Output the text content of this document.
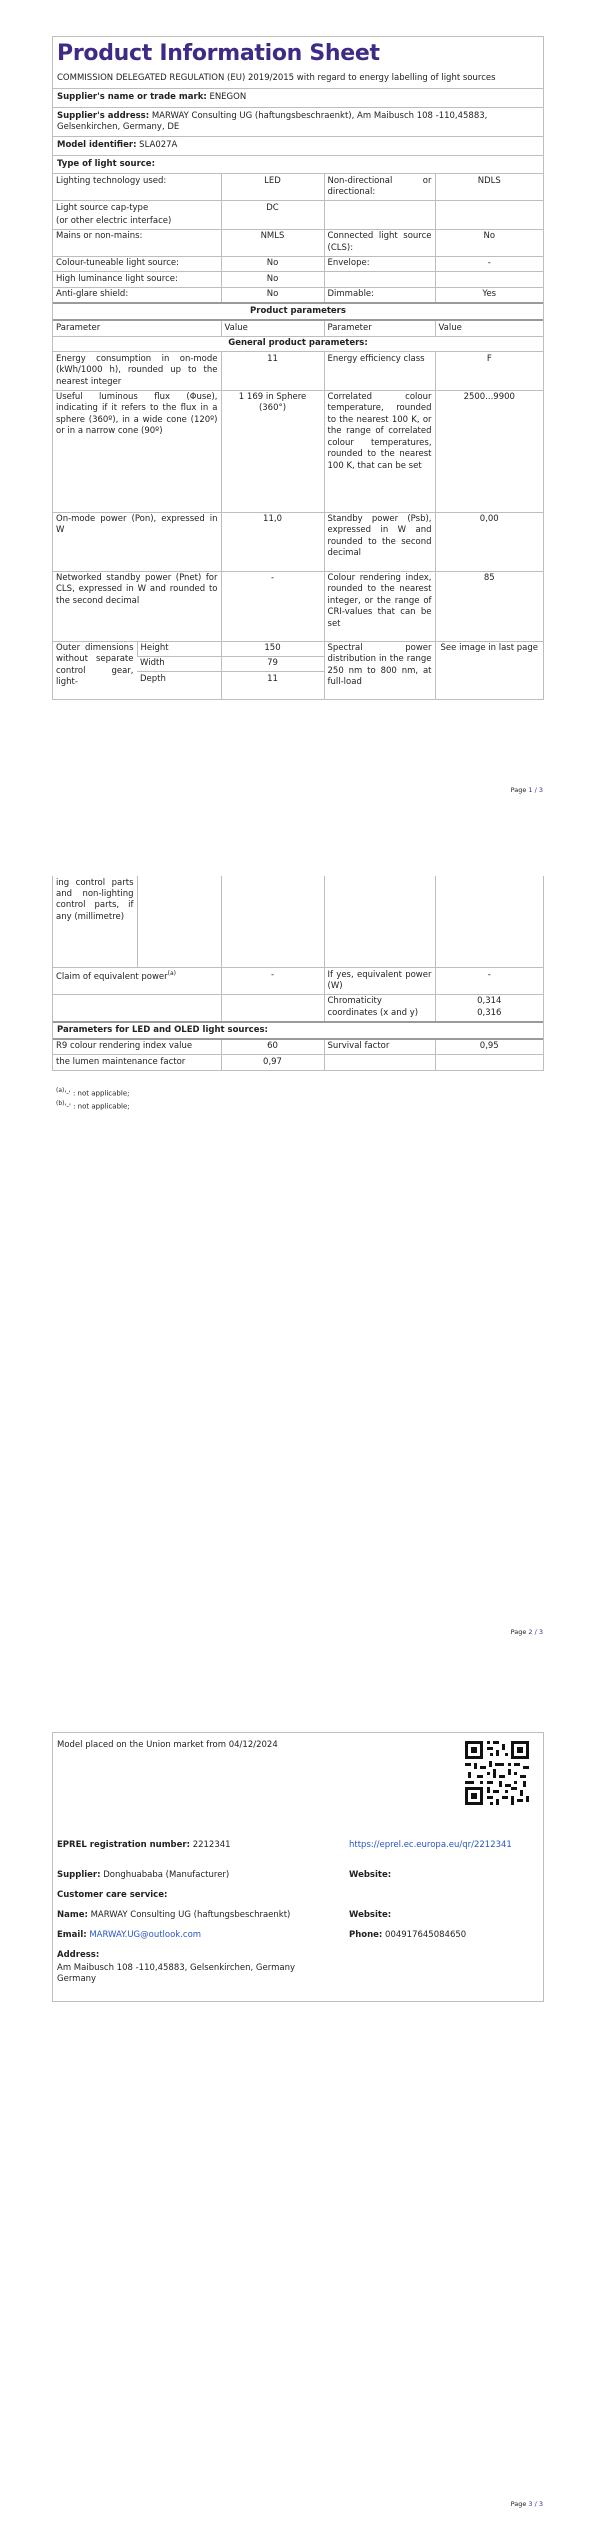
Product Information Sheet
COMMISSION DELEGATED REGULATION (EU) 2019/2015 with regard to energy labelling of light sources
Supplier's name or trade mark: ENEGON
Supplier's address: MARWAY Consulting UG (haftungsbeschraenkt), Am Maibusch 108 -110,45883, Gelsenkirchen, Germany, DE
Model identifier: SLA027A
Type of light source:
Lighting technology used:	LED	Non-directional or directional:	NDLS
Light source cap-type	DC		
(or other electric interface)			
Mains or non-mains:	NMLS	Connected light source (CLS):	No
Colour-tuneable light source:	No	Envelope:	-
High luminance light source:	No		
Anti-glare shield:	No	Dimmable:	Yes
Product parameters
Parameter		Value	Parameter	Value
General product parameters:				
Energy consumption in on-mode (kWh/1000 h), rounded up to the nearest integer		11	Energy efficiency class	F
Useful luminous flux (Φuse), indicating if it refers to the flux in a sphere (360º), in a wide cone (120º) or in a narrow cone (90º)		1 169 in Sphere (360°)	Correlated colour temperature, rounded to the nearest 100 K, or the range of correlated colour temperatures, rounded to the nearest 100 K, that can be set	2500...9900
On-mode power (Pon), expressed in W		11,0	Standby power (Psb), expressed in W and rounded to the second decimal	0,00
Networked standby power (Pnet) for CLS, expressed in W and rounded to the second decimal		-	Colour rendering index, rounded to the nearest integer, or the range of CRI-values that can be set	85
Outer dimensions without separate control gear, light-	Height	150	Spectral power distribution in the range 250 nm to 800 nm, at full-load	See image in last page
	Width	79		
	Depth	11		
Page 1 / 3
ing control parts and non-lighting control parts, if any (millimetre)				
Claim of equivalent power$^{(a)}$		-	If yes, equivalent power (W)	-
			Chromaticity coordinates (x and y)	0,314
0,316
Parameters for LED and OLED light sources:
R9 colour rendering index value	60	Survival factor	0,95
the lumen maintenance factor	0,97		
$^{(a)}$'-' : not applicable;
$^{(b)}$'-' : not applicable;
Page 2 / 3
Model placed on the Union market from 04/12/2024
EPREL registration number: 2212341	https://eprel.ec.europa.eu/qr/2212341
Supplier: Donghuababa (Manufacturer)	Website:
Customer care service:
Name: MARWAY Consulting UG (haftungsbeschraenkt)	Website:
Email: MARWAY.UG@outlook.com	Phone: 004917645084650
Address:
Am Maibusch 108 -110,45883, Gelsenkirchen, Germany Germany
Page 3 / 3
